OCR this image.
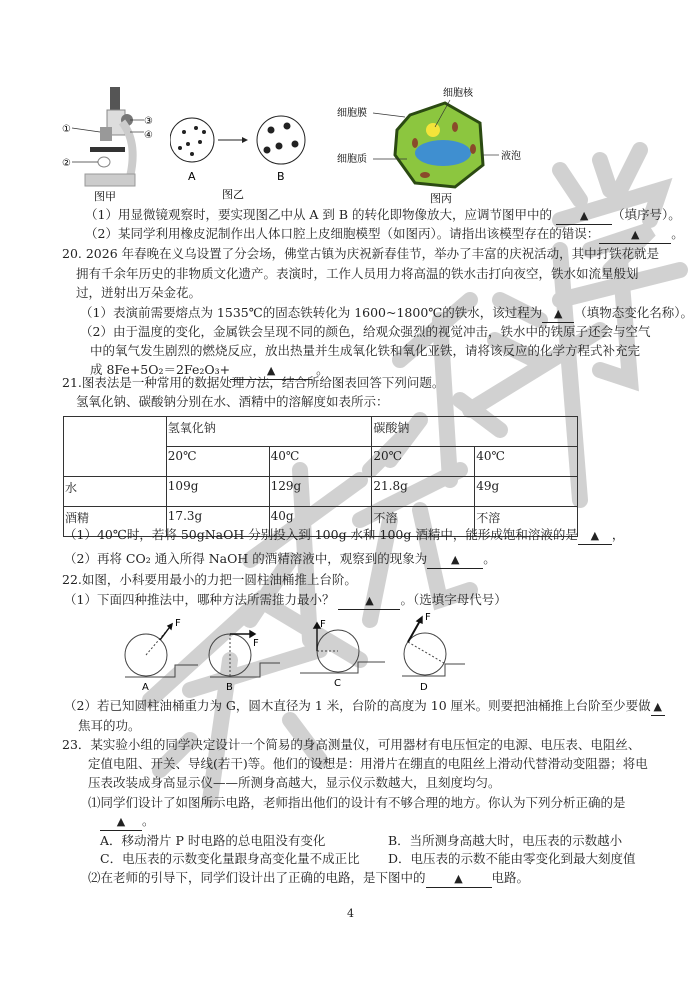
①
②
③
④
图甲
A
图乙
B
细胞膜
细胞核
细胞质	液泡
图丙
（1）用显微镜观察时，要实现图乙中从 A 到 B 的转化即物像放大，应调节图甲中的	▲ （填序号）。
（2）某同学利用橡皮泥制作出人体口腔上皮细胞模型（如图丙）。请指出该模型存在的错误：	▲	。
20. 2026 年春晚在义乌设置了分会场，佛堂古镇为庆祝新春佳节，举办了丰富的庆祝活动，其中打铁花就是
拥有千余年历史的非物质文化遗产。表演时，工作人员用力将高温的铁水击打向夜空，铁水如流星般划
过，迸射出万朵金花。
（1）表演前需要熔点为 1535℃的固态铁转化为 1600~1800℃的铁水，该过程为 ▲ （填物态变化名称）。
（2）由于温度的变化，金属铁会呈现不同的颜色，给观众强烈的视觉冲击，铁水中的铁原子还会与空气
中的氧气发生剧烈的燃烧反应，放出热量并生成氧化铁和氧化亚铁，请将该反应的化学方程式补充完
成 8Fe+5O₂＝2Fe₂O₃+	▲	。
21.图表法是一种常用的数据处理方法，结合所给图表回答下列问题。
氢氧化钠、碳酸钠分别在水、酒精中的溶解度如表所示：
	氢氧化钠		碳酸钠	
	20℃	40℃	20℃	40℃
水	109g	129g	21.8g	49g
酒精	17.3g	40g	不溶	不溶
（1）40℃时，若将 50gNaOH 分别投入到 100g 水和 100g 酒精中，能形成饱和溶液的是 ▲ ，
（2）再将 CO₂ 通入所得 NaOH 的酒精溶液中，观察到的现象为 ▲ 。
22.如图，小科要用最小的力把一圆柱油桶推上台阶。
（1）下面四种推法中，哪种方法所需推力最小？	▲ 。（选填字母代号）
F
F
F
F
A	B	C	D
（2）若已知圆柱油桶重力为 G，圆木直径为 1 米，台阶的高度为 10 厘米。则要把油桶推上台阶至少要做 ▲
焦耳的功。
23．某实验小组的同学决定设计一个简易的身高测量仪，可用器材有电压恒定的电源、电压表、电阻丝、
定值电阻、开关、导线(若干)等。他们的设想是：用滑片在绷直的电阻丝上滑动代替滑动变阻器；将电
压表改装成身高显示仪——所测身高越大，显示仪示数越大，且刻度均匀。
⑴同学们设计了如图所示电路，老师指出他们的设计有不够合理的地方。你认为下列分析正确的是
▲ 。
A．移动滑片 P 时电路的总电阻没有变化	B．当所测身高越大时，电压表的示数越小
C．电压表的示数变化量跟身高变化量不成正比 D．电压表的示数不能由零变化到最大刻度值
⑵在老师的引导下，同学们设计出了正确的电路，是下图中的	▲ 电路。
4
